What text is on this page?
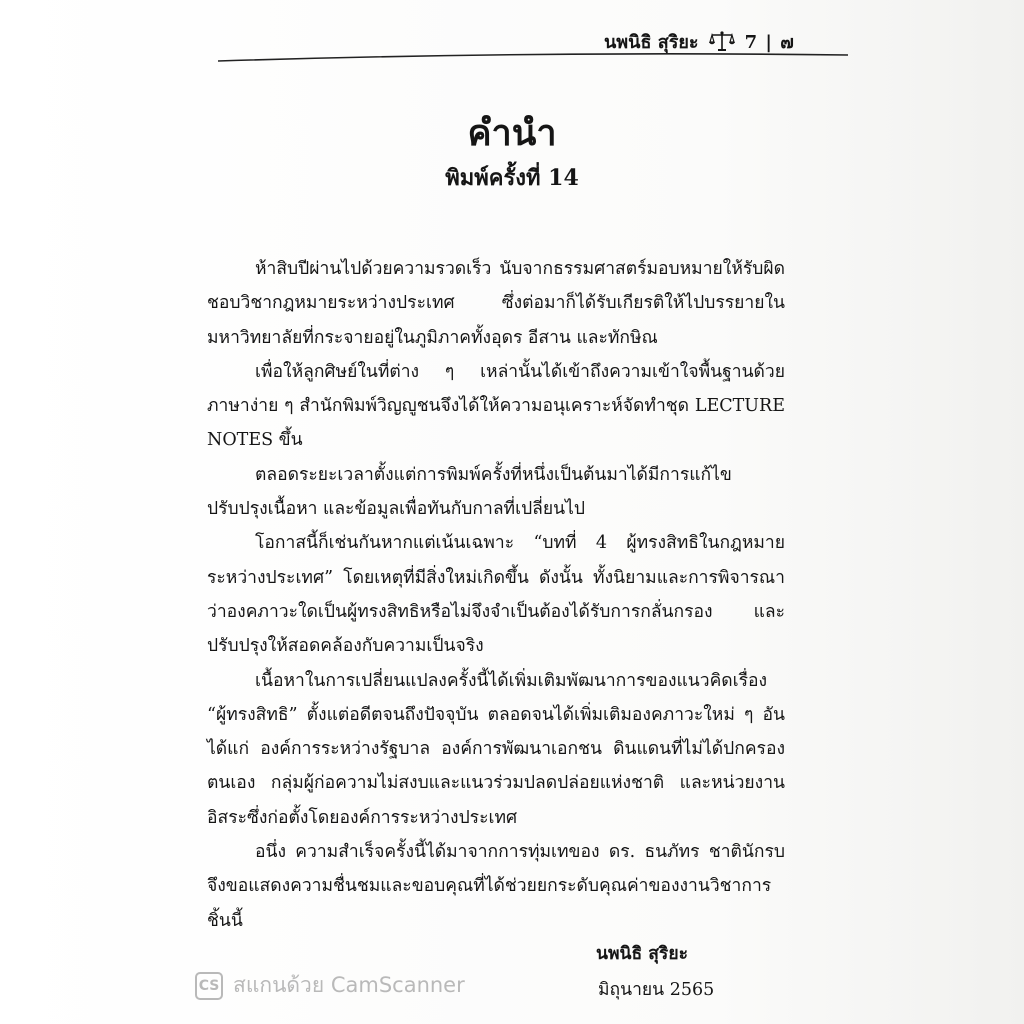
นพนิธิ สุริยะ	7 | ๗
คำนำ
พิมพ์ครั้งที่ 14

ห้าสิบปีผ่านไปด้วยความรวดเร็ว นับจากธรรมศาสตร์มอบหมายให้รับผิดชอบวิชากฎหมายระหว่างประเทศ ซึ่งต่อมาก็ได้รับเกียรติให้ไปบรรยายในมหาวิทยาลัยที่กระจายอยู่ในภูมิภาคทั้งอุดร อีสาน และทักษิณ

เพื่อให้ลูกศิษย์ในที่ต่าง ๆ เหล่านั้นได้เข้าถึงความเข้าใจพื้นฐานด้วยภาษาง่าย ๆ สำนักพิมพ์วิญญูชนจึงได้ให้ความอนุเคราะห์จัดทำชุด LECTURE NOTES ขึ้น

ตลอดระยะเวลาตั้งแต่การพิมพ์ครั้งที่หนึ่งเป็นต้นมาได้มีการแก้ไขปรับปรุงเนื้อหา และข้อมูลเพื่อทันกับกาลที่เปลี่ยนไป

โอกาสนี้ก็เช่นกันหากแต่เน้นเฉพาะ “บทที่ 4 ผู้ทรงสิทธิในกฎหมายระหว่างประเทศ” โดยเหตุที่มีสิ่งใหม่เกิดขึ้น ดังนั้น ทั้งนิยามและการพิจารณาว่าองคภาวะใดเป็นผู้ทรงสิทธิหรือไม่จึงจำเป็นต้องได้รับการกลั่นกรอง และปรับปรุงให้สอดคล้องกับความเป็นจริง

เนื้อหาในการเปลี่ยนแปลงครั้งนี้ได้เพิ่มเติมพัฒนาการของแนวคิดเรื่อง “ผู้ทรงสิทธิ” ตั้งแต่อดีตจนถึงปัจจุบัน ตลอดจนได้เพิ่มเติมองคภาวะใหม่ ๆ อันได้แก่ องค์การระหว่างรัฐบาล องค์การพัฒนาเอกชน ดินแดนที่ไม่ได้ปกครองตนเอง กลุ่มผู้ก่อความไม่สงบและแนวร่วมปลดปล่อยแห่งชาติ และหน่วยงานอิสระซึ่งก่อตั้งโดยองค์การระหว่างประเทศ

อนึ่ง ความสำเร็จครั้งนี้ได้มาจากการทุ่มเทของ ดร. ธนภัทร ชาตินักรบ จึงขอแสดงความชื่นชมและขอบคุณที่ได้ช่วยยกระดับคุณค่าของงานวิชาการชิ้นนี้

นพนิธิ สุริยะ
มิถุนายน 2565
CS สแกนด้วย CamScanner
